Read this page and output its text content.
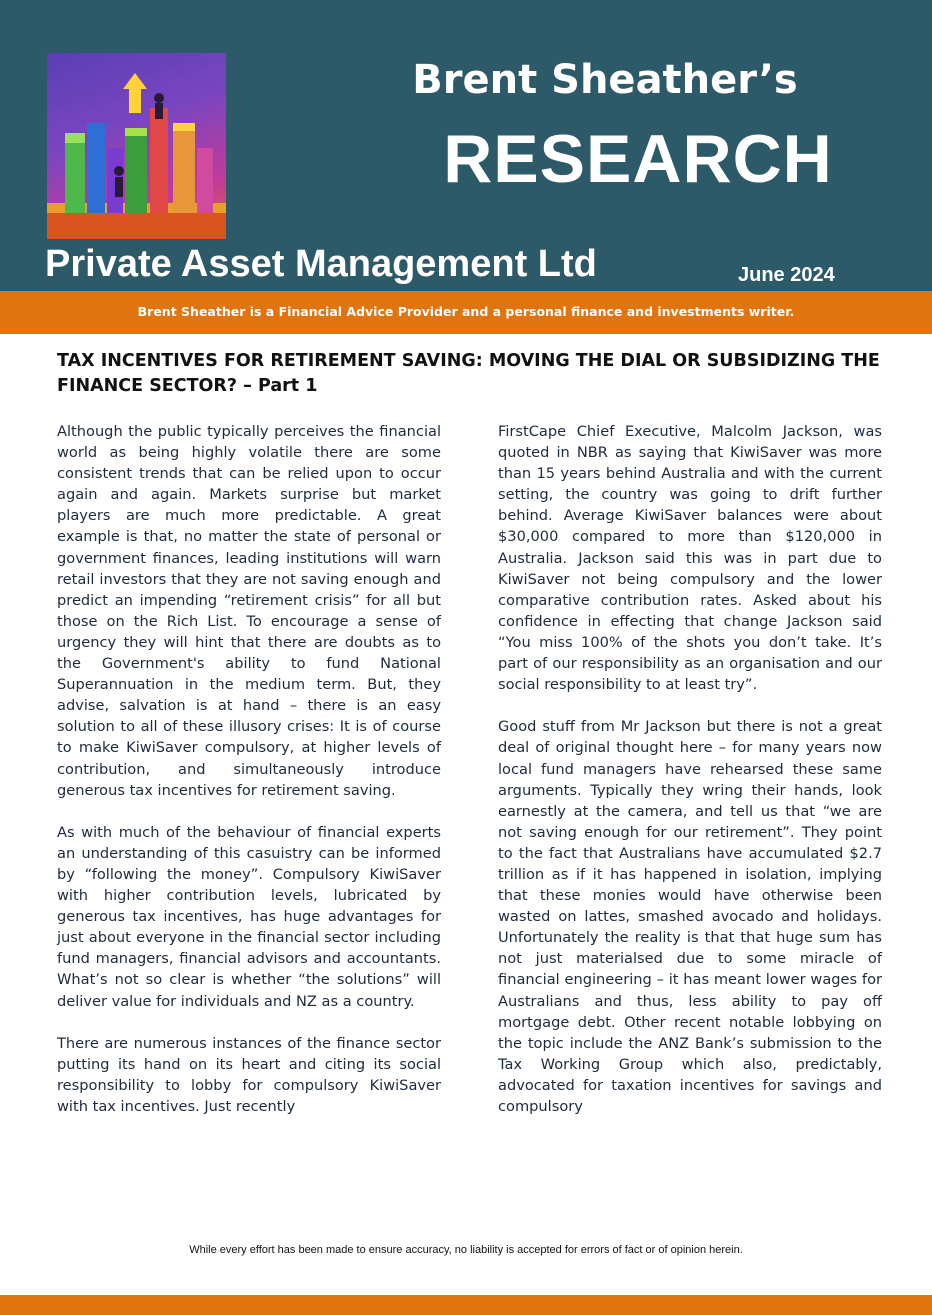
Brent Sheather’s
RESEARCH
Private Asset Management Ltd	June 2024

Brent Sheather is a Financial Advice Provider and a personal finance and investments writer.

TAX INCENTIVES FOR RETIREMENT SAVING: MOVING THE DIAL OR SUBSIDIZING THE FINANCE SECTOR? – Part 1

Although the public typically perceives the financial world as being highly volatile there are some consistent trends that can be relied upon to occur again and again. Markets surprise but market players are much more predictable. A great example is that, no matter the state of personal or government finances, leading institutions will warn retail investors that they are not saving enough and predict an impending “retirement crisis” for all but those on the Rich List. To encourage a sense of urgency they will hint that there are doubts as to the Government's ability to fund National Superannuation in the medium term. But, they advise, salvation is at hand – there is an easy solution to all of these illusory crises: It is of course to make KiwiSaver compulsory, at higher levels of contribution, and simultaneously introduce generous tax incentives for retirement saving.

As with much of the behaviour of financial experts an understanding of this casuistry can be informed by “following the money”. Compulsory KiwiSaver with higher contribution levels, lubricated by generous tax incentives, has huge advantages for just about everyone in the financial sector including fund managers, financial advisors and accountants. What’s not so clear is whether “the solutions” will deliver value for individuals and NZ as a country.

There are numerous instances of the finance sector putting its hand on its heart and citing its social responsibility to lobby for compulsory KiwiSaver with tax incentives. Just recently

FirstCape Chief Executive, Malcolm Jackson, was quoted in NBR as saying that KiwiSaver was more than 15 years behind Australia and with the current setting, the country was going to drift further behind. Average KiwiSaver balances were about $30,000 compared to more than $120,000 in Australia. Jackson said this was in part due to KiwiSaver not being compulsory and the lower comparative contribution rates. Asked about his confidence in effecting that change Jackson said “You miss 100% of the shots you don’t take. It’s part of our responsibility as an organisation and our social responsibility to at least try”.

Good stuff from Mr Jackson but there is not a great deal of original thought here – for many years now local fund managers have rehearsed these same arguments. Typically they wring their hands, look earnestly at the camera, and tell us that “we are not saving enough for our retirement”. They point to the fact that Australians have accumulated $2.7 trillion as if it has happened in isolation, implying that these monies would have otherwise been wasted on lattes, smashed avocado and holidays. Unfortunately the reality is that that huge sum has not just materialsed due to some miracle of financial engineering – it has meant lower wages for Australians and thus, less ability to pay off mortgage debt. Other recent notable lobbying on the topic include the ANZ Bank’s submission to the Tax Working Group which also, predictably, advocated for taxation incentives for savings and compulsory

While every effort has been made to ensure accuracy, no liability is accepted for errors of fact or of opinion herein.
